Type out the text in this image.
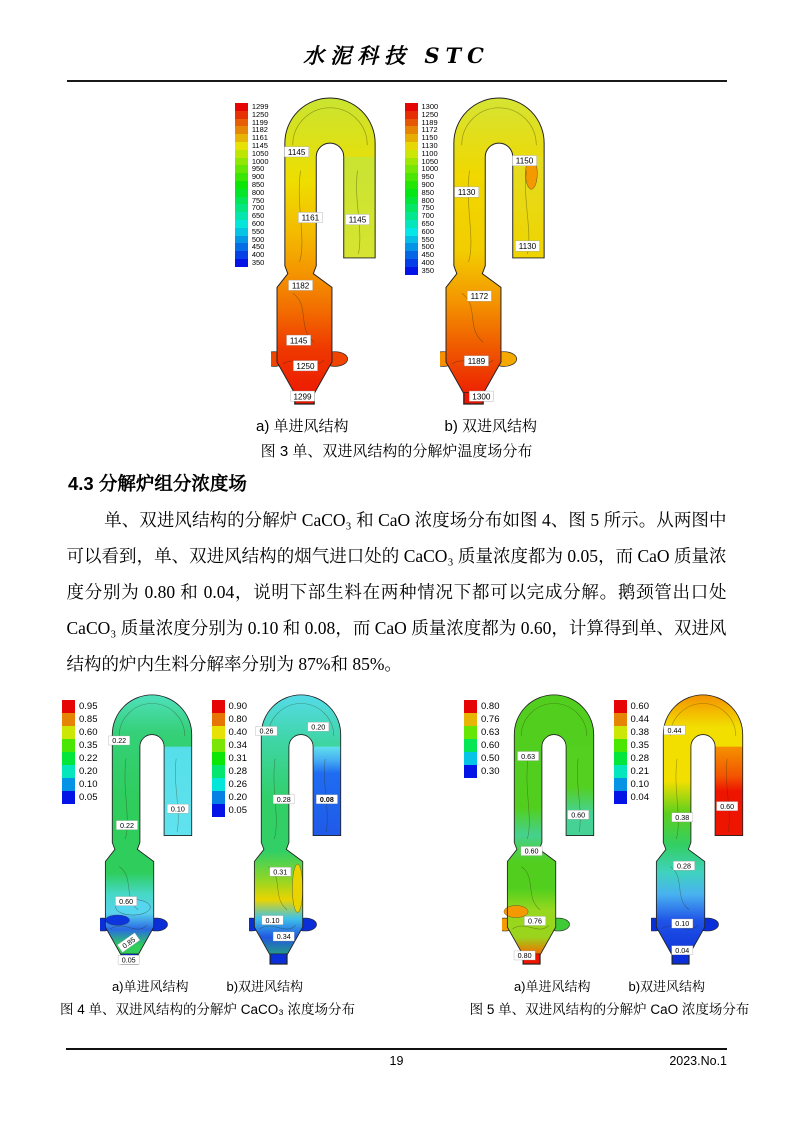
水泥科技 STC
1299
1250
1199
1182
1161
1145
1050
1000
950
900
850
800
750
700
650
600
550
500
450
400
350
1145
1161	1145
1182
1145
1250
1299
1300
1250
1189
1172
1150
1130
1100
1050
1000
950
900
850
800
750
700
650
600
550
500
450
400
350
1130
1150
1130
1172
1189
1300
a) 单进风结构	b) 双进风结构
图 3 单、双进风结构的分解炉温度场分布
4.3 分解炉组分浓度场

单、双进风结构的分解炉 CaCO₃ 和 CaO 浓度场分布如图 4、图 5 所示。从两图中可以看到，单、双进风结构的烟气进口处的 CaCO₃ 质量浓度都为 0.05，而 CaO 质量浓度分别为 0.80 和 0.04，说明下部生料在两种情况下都可以完成分解。鹅颈管出口处 CaCO₃ 质量浓度分别为 0.10 和 0.08，而 CaO 质量浓度都为 0.60，计算得到单、双进风结构的炉内生料分解率分别为 87%和 85%。

0.95
0.85
0.60
0.35
0.22
0.20
0.10
0.05
0.22
0.10
0.22
0.60
0.85
0.05
0.90
0.80
0.40
0.34
0.31
0.28
0.26
0.20
0.05
0.26
0.20
0.28	0.08
0.31
0.10
0.34
a)单进风结构	b)双进风结构
图 4 单、双进风结构的分解炉 CaCO₃ 浓度场分布
0.80
0.76
0.63
0.60
0.50
0.30
0.63
0.60
0.60
0.76
0.80
0.60
0.44
0.38
0.35
0.28
0.21
0.10
0.04
0.44
0.60
0.38
0.28
0.10
0.04
a)单进风结构	b)双进风结构
图 5 单、双进风结构的分解炉 CaO 浓度场分布
19	2023.No.1
